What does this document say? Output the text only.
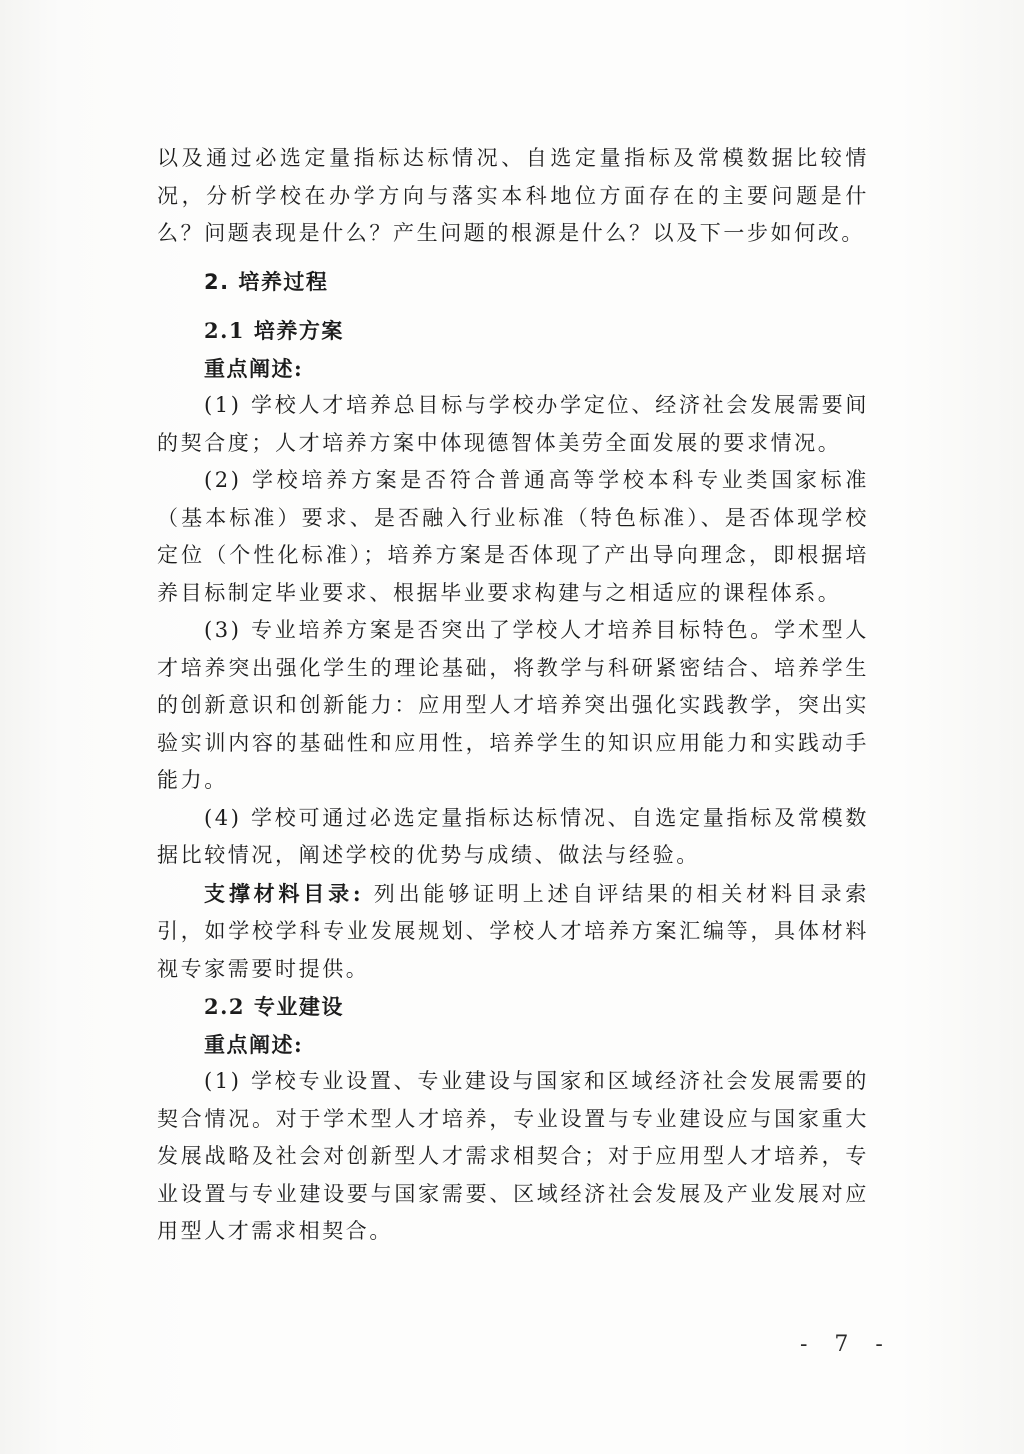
以及通过必选定量指标达标情况、自选定量指标及常模数据比较情况，分析学校在办学方向与落实本科地位方面存在的主要问题是什么？问题表现是什么？产生问题的根源是什么？以及下一步如何改。

2. 培养过程

2.1 培养方案

重点阐述:

(1) 学校人才培养总目标与学校办学定位、经济社会发展需要间的契合度；人才培养方案中体现德智体美劳全面发展的要求情况。

(2) 学校培养方案是否符合普通高等学校本科专业类国家标准（基本标准）要求、是否融入行业标准（特色标准）、是否体现学校定位（个性化标准）；培养方案是否体现了产出导向理念，即根据培养目标制定毕业要求、根据毕业要求构建与之相适应的课程体系。

(3) 专业培养方案是否突出了学校人才培养目标特色。学术型人才培养突出强化学生的理论基础，将教学与科研紧密结合、培养学生的创新意识和创新能力：应用型人才培养突出强化实践教学，突出实验实训内容的基础性和应用性，培养学生的知识应用能力和实践动手能力。

(4) 学校可通过必选定量指标达标情况、自选定量指标及常模数据比较情况，阐述学校的优势与成绩、做法与经验。

支撑材料目录: 列出能够证明上述自评结果的相关材料目录索引，如学校学科专业发展规划、学校人才培养方案汇编等，具体材料视专家需要时提供。

2.2 专业建设

重点阐述:

(1) 学校专业设置、专业建设与国家和区域经济社会发展需要的契合情况。对于学术型人才培养，专业设置与专业建设应与国家重大发展战略及社会对创新型人才需求相契合；对于应用型人才培养，专业设置与专业建设要与国家需要、区域经济社会发展及产业发展对应用型人才需求相契合。

- 7 -
